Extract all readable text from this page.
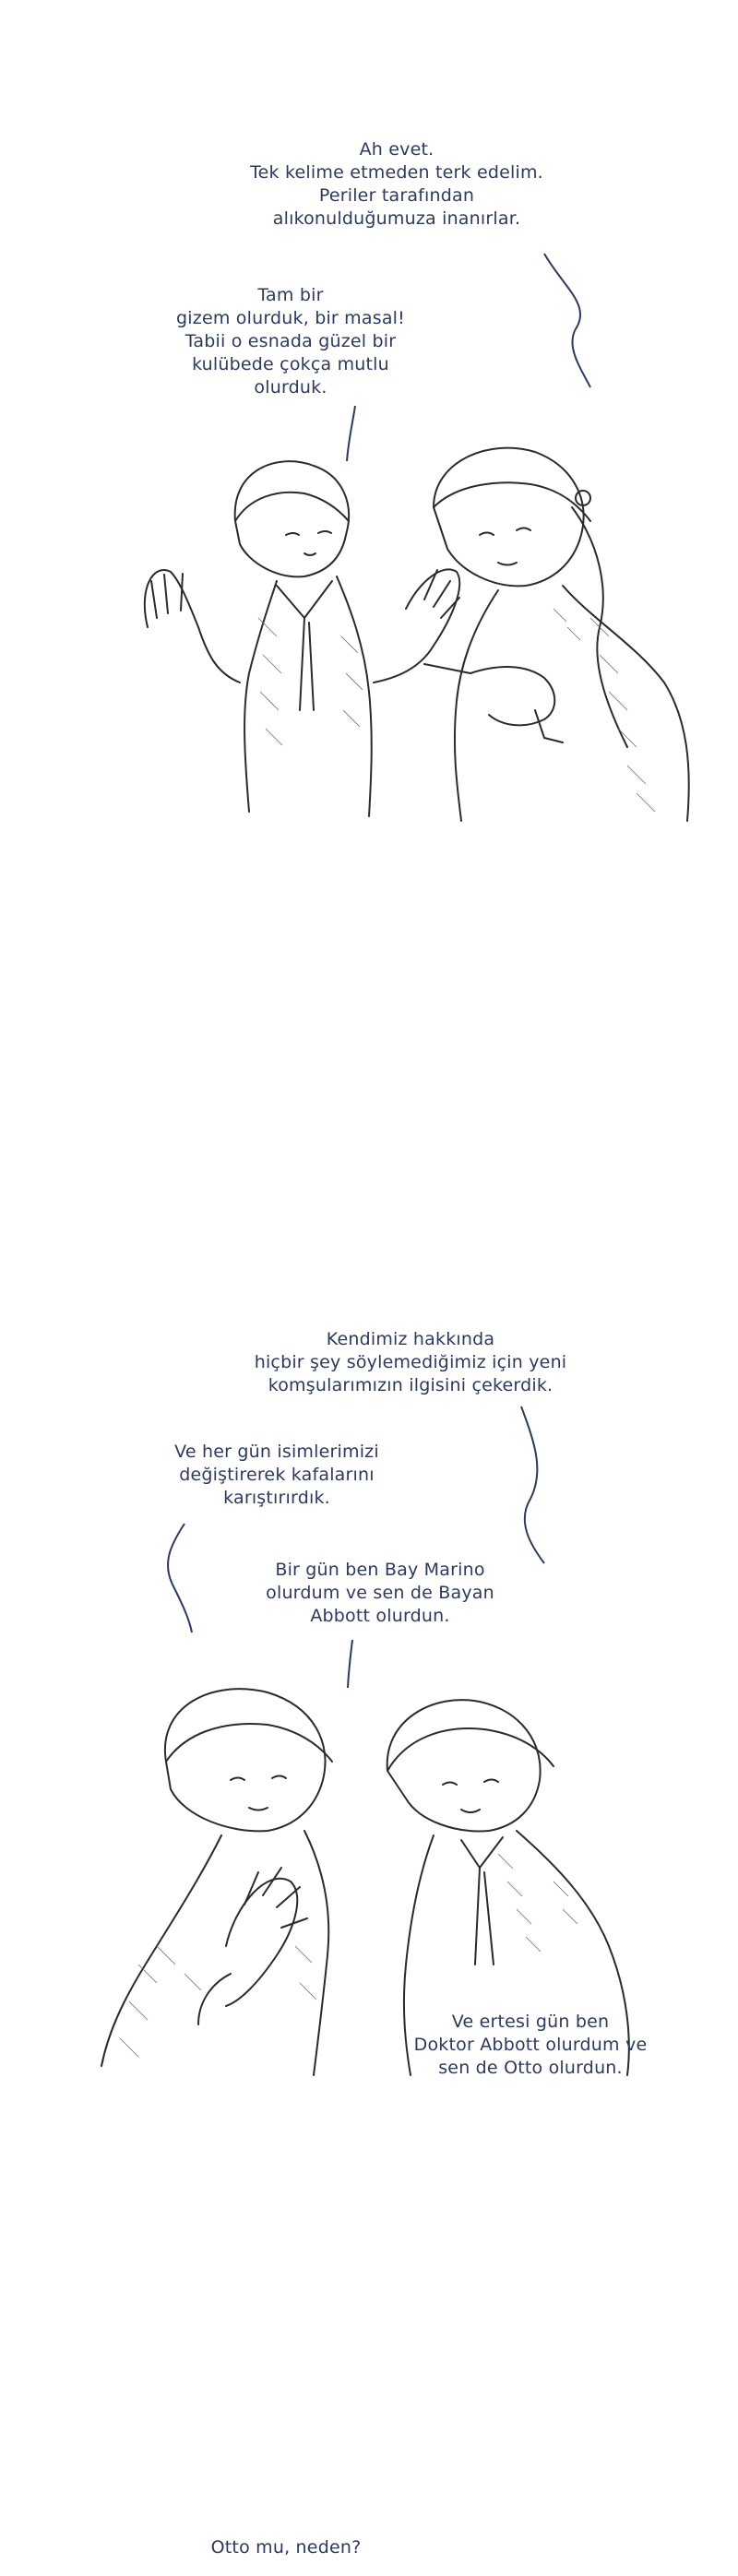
Ah evet.
Tek kelime etmeden terk edelim.
Periler tarafından
alıkonulduğumuza inanırlar.
Tam bir
gizem olurduk, bir masal!
Tabii o esnada güzel bir
kulübede çokça mutlu
olurduk.
Kendimiz hakkında
hiçbir şey söylemediğimiz için yeni
komşularımızın ilgisini çekerdik.
Ve her gün isimlerimizi
değiştirerek kafalarını
karıştırırdık.
Bir gün ben Bay Marino
olurdum ve sen de Bayan
Abbott olurdun.
Ve ertesi gün ben
Doktor Abbott olurdum ve
sen de Otto olurdun.
Otto mu, neden?
